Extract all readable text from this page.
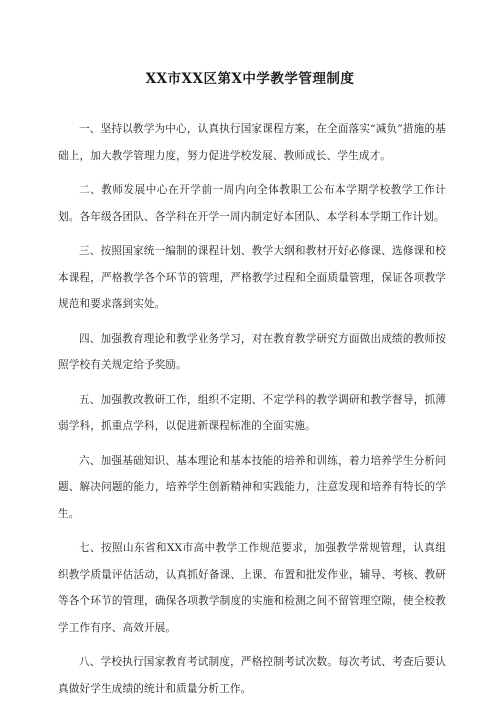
XX市XX区第X中学教学管理制度

一、坚持以教学为中心，认真执行国家课程方案，在全面落实“减负”措施的基础上，加大教学管理力度，努力促进学校发展、教师成长、学生成才。

二、教师发展中心在开学前一周内向全体教职工公布本学期学校教学工作计划。各年级各团队、各学科在开学一周内制定好本团队、本学科本学期工作计划。

三、按照国家统一编制的课程计划、教学大纲和教材开好必修课、选修课和校本课程，严格教学各个环节的管理，严格教学过程和全面质量管理，保证各项教学规范和要求落到实处。

四、加强教育理论和教学业务学习，对在教育教学研究方面做出成绩的教师按照学校有关规定给予奖励。

五、加强教改教研工作，组织不定期、不定学科的教学调研和教学督导，抓薄弱学科，抓重点学科，以促进新课程标准的全面实施。

六、加强基础知识、基本理论和基本技能的培养和训练，着力培养学生分析问题、解决问题的能力，培养学生创新精神和实践能力，注意发现和培养有特长的学生。

七、按照山东省和XX市高中教学工作规范要求，加强教学常规管理，认真组织教学质量评估活动，认真抓好备课、上课、布置和批发作业，辅导、考核、教研等各个环节的管理，确保各项教学制度的实施和检测之间不留管理空隙，使全校教学工作有序、高效开展。

八、学校执行国家教育考试制度，严格控制考试次数。每次考试、考查后要认真做好学生成绩的统计和质量分析工作。
